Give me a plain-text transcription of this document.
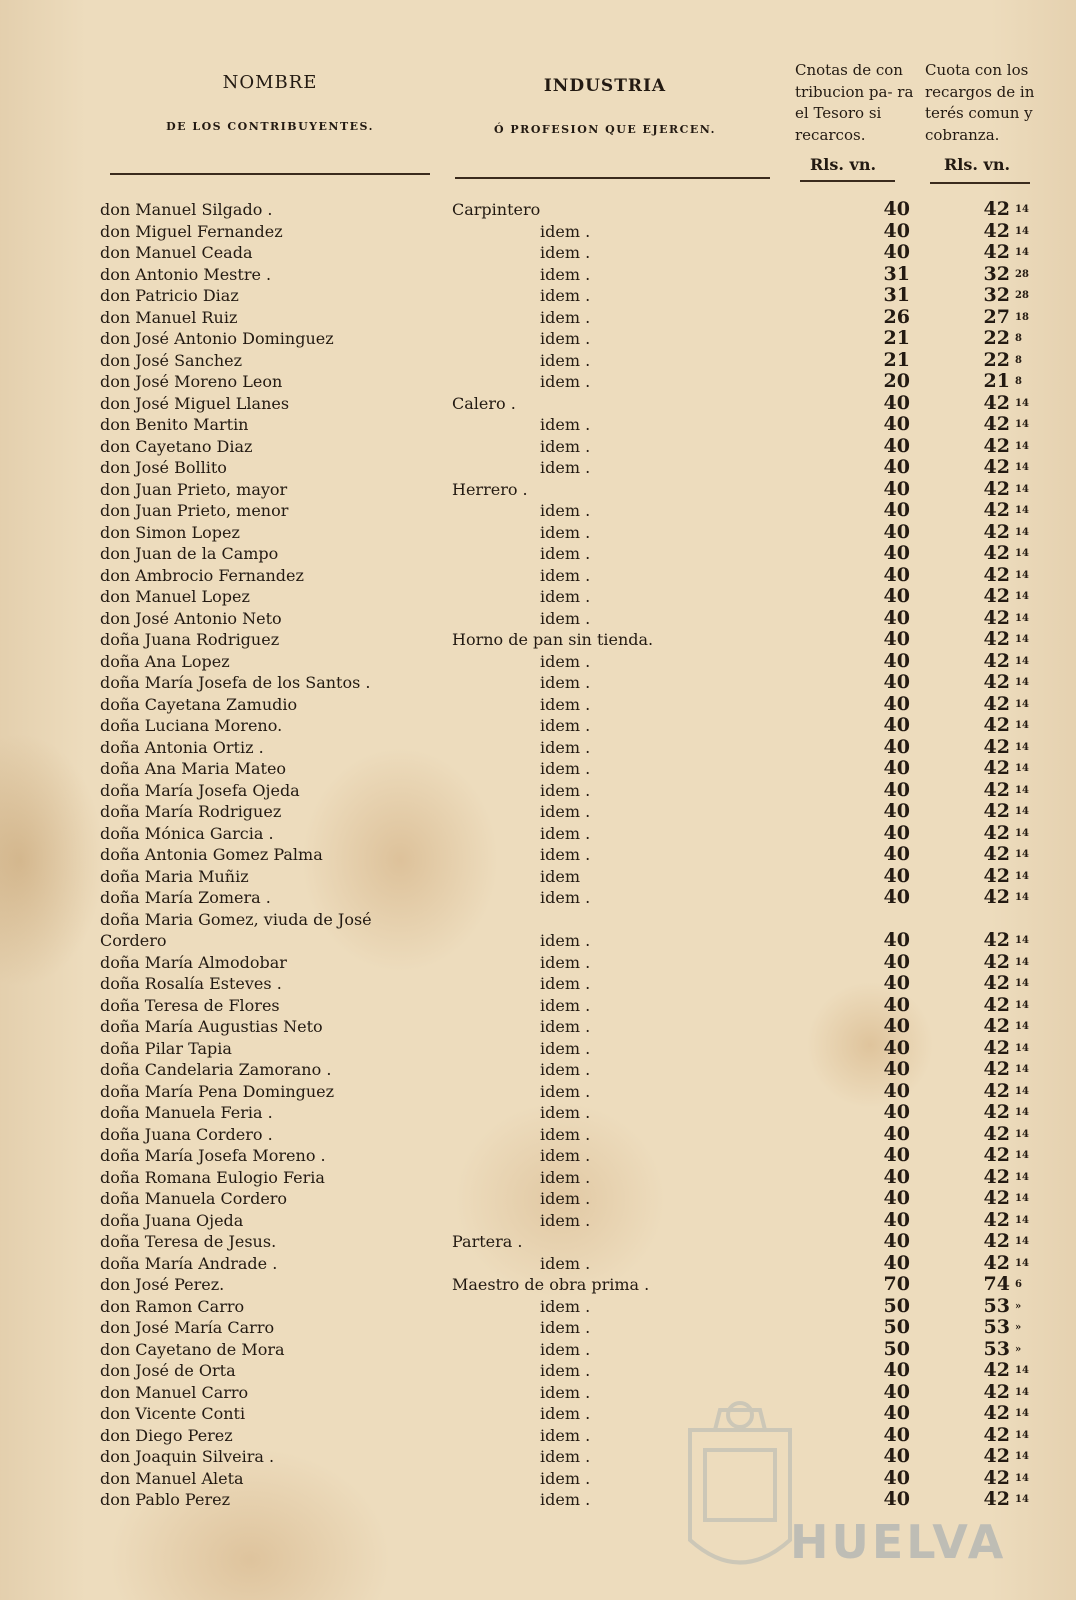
NOMBRE
DE LOS CONTRIBUYENTES.
INDUSTRIA
Ó PROFESION QUE EJERCEN.
Cnotas de con tribucion pa- ra el Tesoro si recarcos.
Cuota con los recargos de in terés comun y cobranza.
Rls. vn.	Rls. vn.
don Manuel Silgado .	Carpintero	40	42 14
don Miguel Fernandez	idem .	40	42 14
don Manuel Ceada	idem .	40	42 14
don Antonio Mestre .	idem .	31	32 28
don Patricio Diaz	idem .	31	32 28
don Manuel Ruiz	idem .	26	27 18
don José Antonio Dominguez	idem .	21	22 8
don José Sanchez	idem .	21	22 8
don José Moreno Leon	idem .	20	21 8
don José Miguel Llanes	Calero .	40	42 14
don Benito Martin	idem .	40	42 14
don Cayetano Diaz	idem .	40	42 14
don José Bollito	idem .	40	42 14
don Juan Prieto, mayor	Herrero .	40	42 14
don Juan Prieto, menor	idem .	40	42 14
don Simon Lopez	idem .	40	42 14
don Juan de la Campo	idem .	40	42 14
don Ambrocio Fernandez	idem .	40	42 14
don Manuel Lopez	idem .	40	42 14
don José Antonio Neto	idem .	40	42 14
doña Juana Rodriguez	Horno de pan sin tienda.	40	42 14
doña Ana Lopez	idem .	40	42 14
doña María Josefa de los Santos .	idem .	40	42 14
doña Cayetana Zamudio	idem .	40	42 14
doña Luciana Moreno.	idem .	40	42 14
doña Antonia Ortiz .	idem .	40	42 14
doña Ana Maria Mateo	idem .	40	42 14
doña María Josefa Ojeda	idem .	40	42 14
doña María Rodriguez	idem .	40	42 14
doña Mónica Garcia .	idem .	40	42 14
doña Antonia Gomez Palma	idem .	40	42 14
doña Maria Muñiz	idem	40	42 14
doña María Zomera .	idem .	40	42 14
doña Maria Gomez, viuda de José Cordero	idem .	40	42 14
doña María Almodobar	idem .	40	42 14
doña Rosalía Esteves .	idem .	40	42 14
doña Teresa de Flores	idem .	40	42 14
doña María Augustias Neto	idem .	40	42 14
doña Pilar Tapia	idem .	40	42 14
doña Candelaria Zamorano .	idem .	40	42 14
doña María Pena Dominguez	idem .	40	42 14
doña Manuela Feria .	idem .	40	42 14
doña Juana Cordero .	idem .	40	42 14
doña María Josefa Moreno .	idem .	40	42 14
doña Romana Eulogio Feria	idem .	40	42 14
doña Manuela Cordero	idem .	40	42 14
doña Juana Ojeda	idem .	40	42 14
doña Teresa de Jesus.	Partera .	40	42 14
doña María Andrade .	idem .	40	42 14
don José Perez.	Maestro de obra prima .	70	74 6
don Ramon Carro	idem .	50	53 »
don José María Carro	idem .	50	53 »
don Cayetano de Mora	idem .	50	53 »
don José de Orta	idem .	40	42 14
don Manuel Carro	idem .	40	42 14
don Vicente Conti	idem .	40	42 14
don Diego Perez	idem .	40	42 14
don Joaquin Silveira .	idem .	40	42 14
don Manuel Aleta	idem .	40	42 14
don Pablo Perez	idem .	40	42 14
HUELVA
